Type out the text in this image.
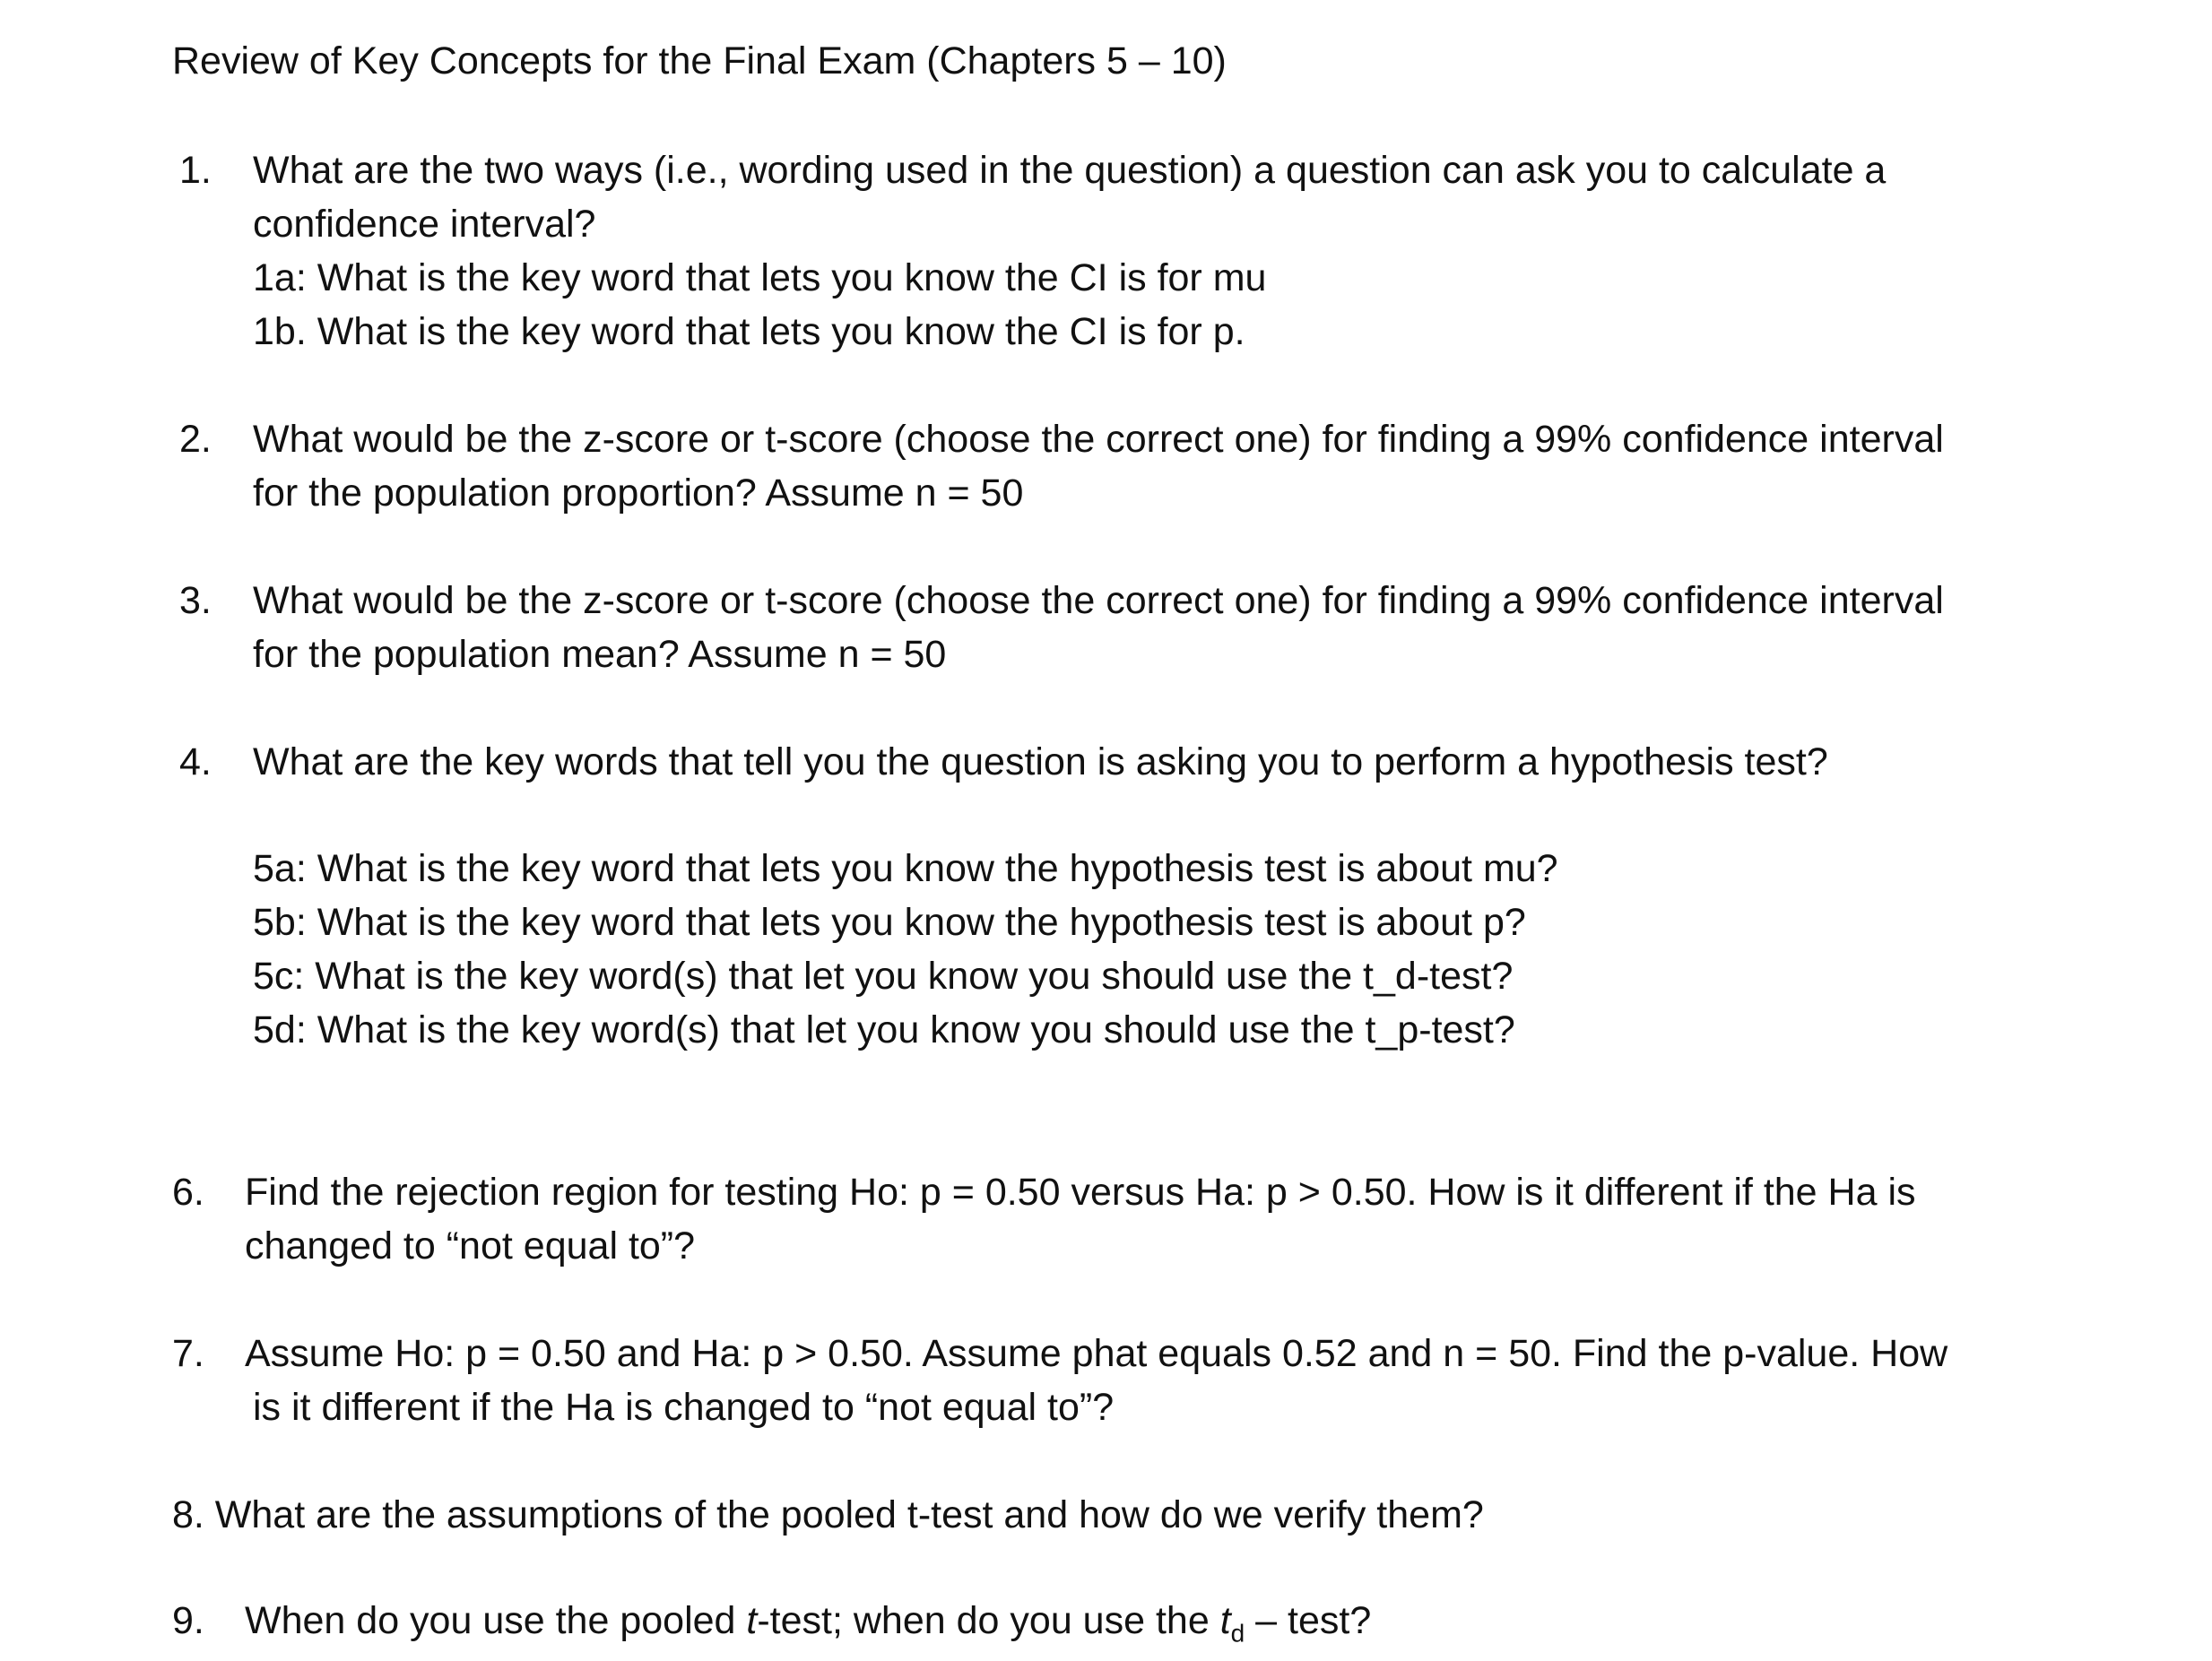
Review of Key Concepts for the Final Exam (Chapters 5 – 10)
1. What are the two ways (i.e., wording used in the question) a question can ask you to calculate a
confidence interval?
1a: What is the key word that lets you know the CI is for mu
1b. What is the key word that lets you know the CI is for p.
2. What would be the z-score or t-score (choose the correct one) for finding a 99% confidence interval
for the population proportion? Assume n = 50
3. What would be the z-score or t-score (choose the correct one) for finding a 99% confidence interval
for the population mean? Assume n = 50
4. What are the key words that tell you the question is asking you to perform a hypothesis test?
5a: What is the key word that lets you know the hypothesis test is about mu?
5b: What is the key word that lets you know the hypothesis test is about p?
5c: What is the key word(s) that let you know you should use the t_d-test?
5d: What is the key word(s) that let you know you should use the t_p-test?
6. Find the rejection region for testing Ho: p = 0.50 versus Ha: p > 0.50. How is it different if the Ha is
changed to “not equal to”?
7. Assume Ho: p = 0.50 and Ha: p > 0.50. Assume phat equals 0.52 and n = 50. Find the p-value. How
is it different if the Ha is changed to “not equal to”?
8. What are the assumptions of the pooled t-test and how do we verify them?
9. When do you use the pooled t-test; when do you use the $t_d$ – test?
